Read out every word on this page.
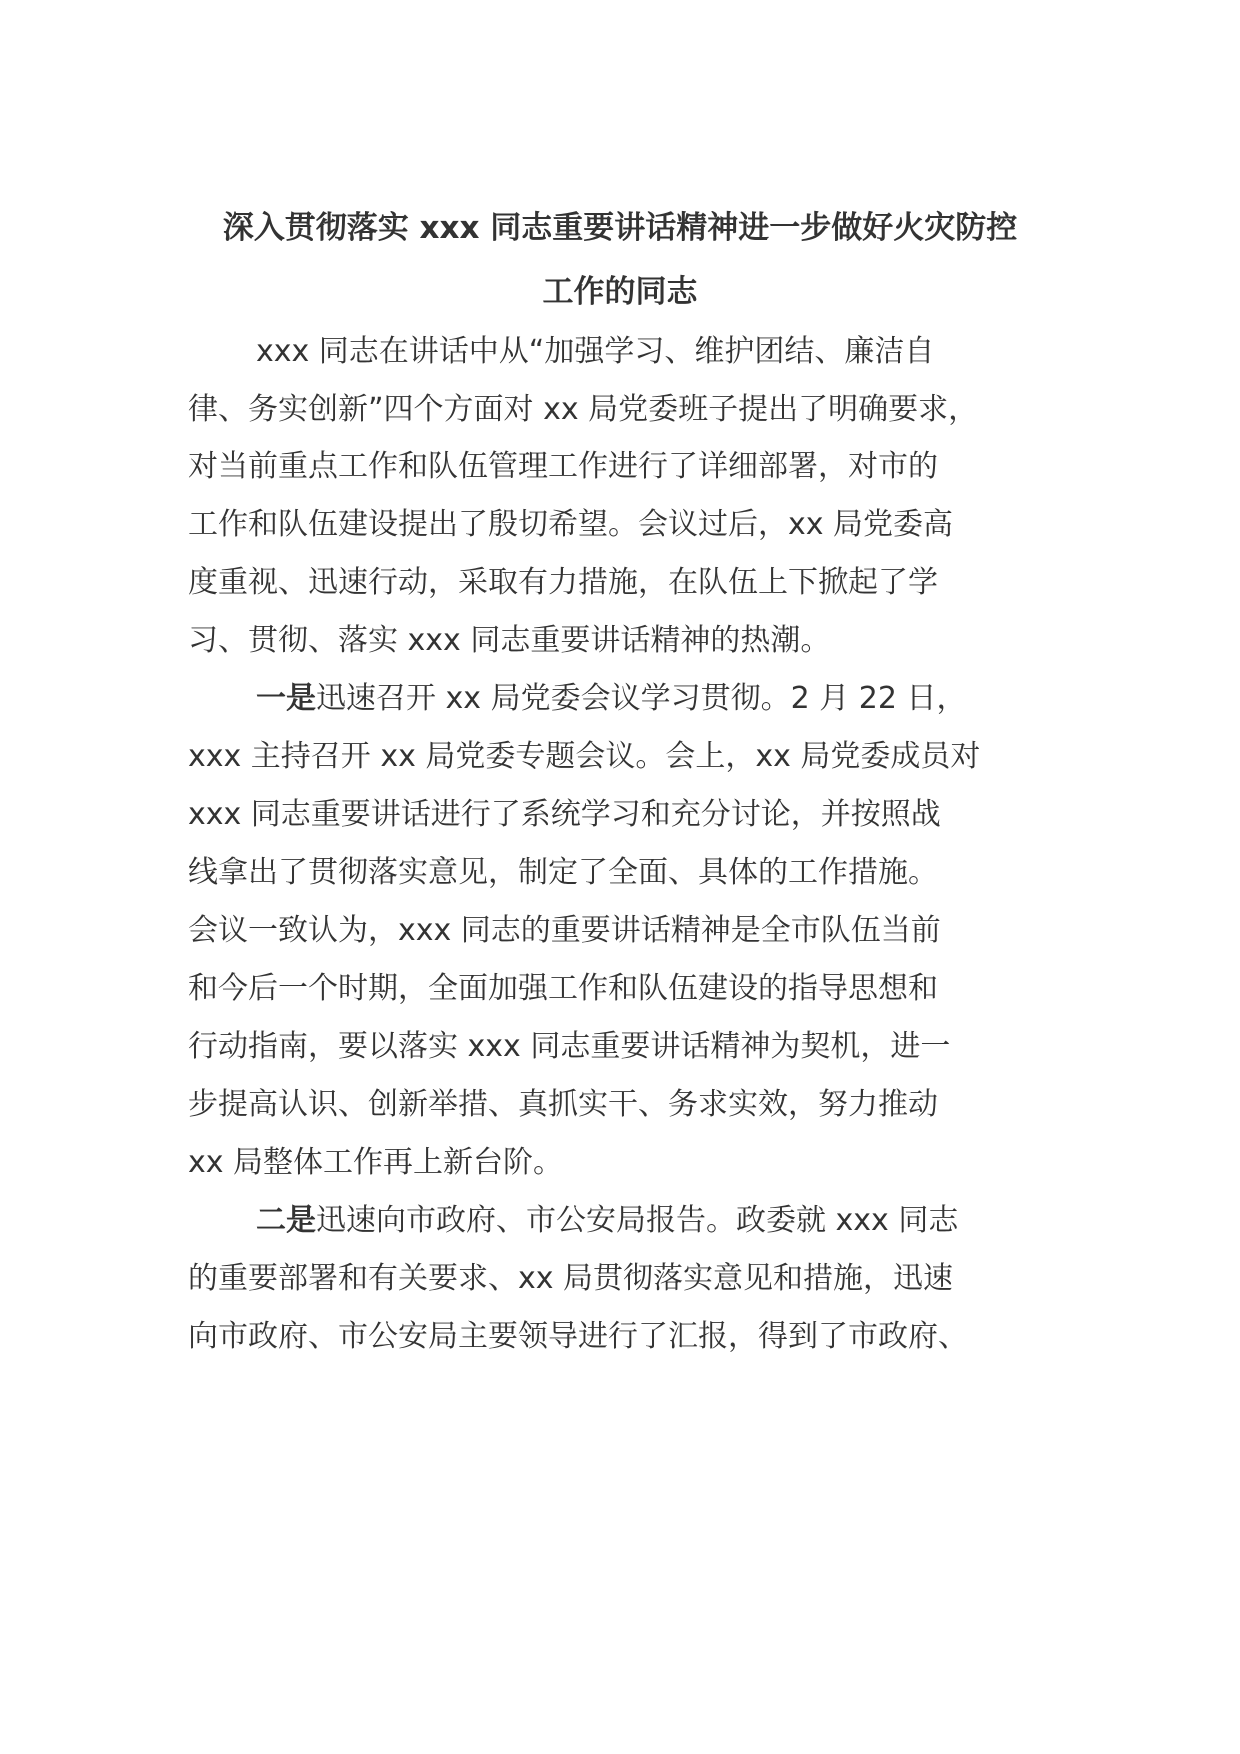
深入贯彻落实 xxx 同志重要讲话精神进一步做好火灾防控
工作的同志
xxx 同志在讲话中从“加强学习、维护团结、廉洁自
律、务实创新”四个方面对 xx 局党委班子提出了明确要求，
对当前重点工作和队伍管理工作进行了详细部署，对市的
工作和队伍建设提出了殷切希望。会议过后，xx 局党委高
度重视、迅速行动，采取有力措施，在队伍上下掀起了学
习、贯彻、落实 xxx 同志重要讲话精神的热潮。
一是迅速召开 xx 局党委会议学习贯彻。2 月 22 日，
xxx 主持召开 xx 局党委专题会议。会上，xx 局党委成员对
xxx 同志重要讲话进行了系统学习和充分讨论，并按照战
线拿出了贯彻落实意见，制定了全面、具体的工作措施。
会议一致认为，xxx 同志的重要讲话精神是全市队伍当前
和今后一个时期，全面加强工作和队伍建设的指导思想和
行动指南，要以落实 xxx 同志重要讲话精神为契机，进一
步提高认识、创新举措、真抓实干、务求实效，努力推动
xx 局整体工作再上新台阶。
二是迅速向市政府、市公安局报告。政委就 xxx 同志
的重要部署和有关要求、xx 局贯彻落实意见和措施，迅速
向市政府、市公安局主要领导进行了汇报，得到了市政府、
